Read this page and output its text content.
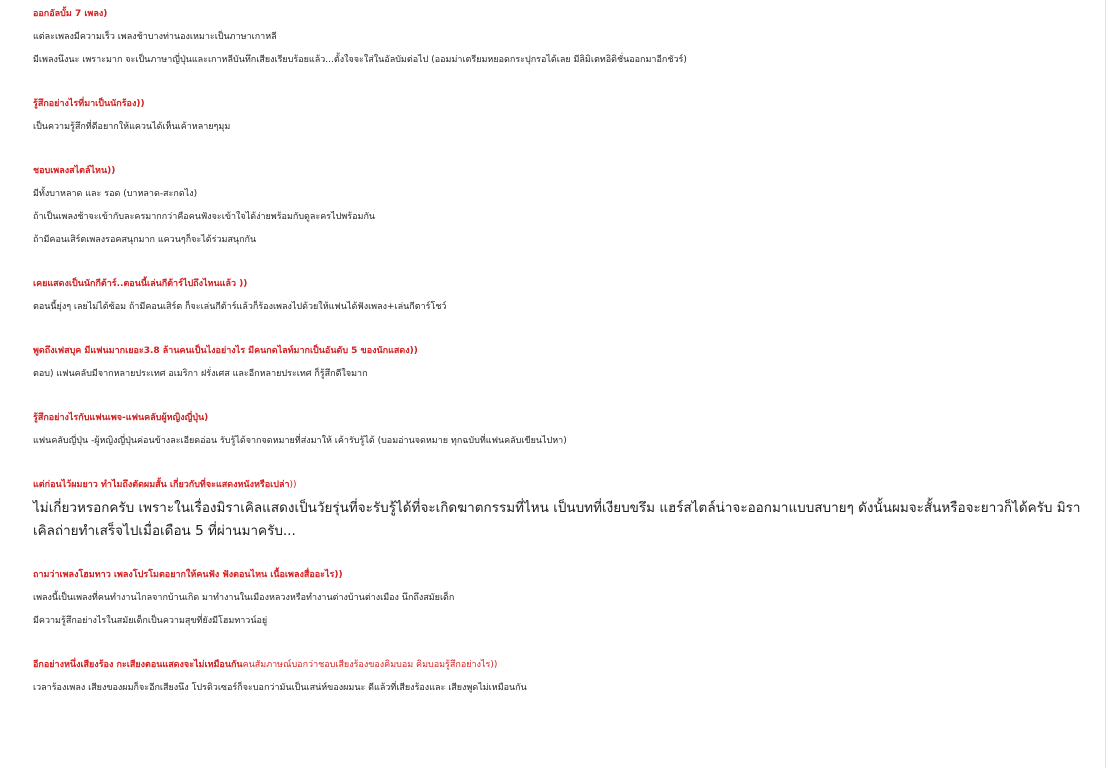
ออกอัลบั้ม 7 เพลง)
แต่ละเพลงมีความเร็ว เพลงช้าบางท่านองเหมาะเป็นภาษาเกาหลี
มีเพลงนึงนะ เพราะมาก จะเป็นภาษาญี่ปุ่นและเกาหลีบันทึกเสียงเรียบร้อยแล้ว...ตั้งใจจะใส่ในอัลบัมต่อไป (ออมม่าเตรียมหยอดกระปุกรอได้เลย มีลิมิเตทอิดิชั่นออกมาอีกชัวร์)
รู้สึกอย่างไรที่มาเป็นนักร้อง))
เป็นความรู้สึกที่ดีอยากให้แควนได้เห็นเค้าหลายๆมุม
ชอบเพลงสไตล์ไหน))
มีทั้งบาหลาด และ รอด (บาหลาด-สะกดไง)
ถ้าเป็นเพลงช้าจะเข้ากับละครมากกว่าคือคนฟังจะเข้าใจได้ง่ายพร้อมกับดูละครไปพร้อมกัน
ถ้ามีคอนเสิร์ตเพลงรอคสนุกมาก แควนๆก็จะได้ร่วมสนุกกัน
เคยแสดงเป็นนักกีต้าร์..ตอนนี้เล่นกีต้าร์ไปถึงไหนแล้ว ))
ตอนนี้ยุ่งๆ เลยไม่ได้ซ้อม ถ้ามีคอนเสิร์ต ก็จะเล่นกีต้าร์แล้วก็ร้องเพลงไปด้วยให้แฟนได้ฟังเพลง+เล่นกีตาร์โชว์
พูดถึงเฟสบุค มีแฟนมากเยอะ3.8 ล้านคนเป็นไงอย่างไร มีคนกดไลท์มากเป็นอันดับ 5 ของนักแสดง))
ตอบ) แฟนคลับมีจากหลายประเทศ อเมริกา ฝรั่งเศส และอีกหลายประเทศ ก็รู้สึกดีใจมาก
รู้สึกอย่างไรกับแฟนเพจ-แฟนคลับผู้หญิงญี่ปุ่น)
แฟนคลับญี่ปุ่น -ผู้หญิงญี่ปุ่นค่อนข้างละเอียดอ่อน รับรู้ได้จากจดหมายที่ส่งมาให้ เค้ารับรู้ได้ (บอมอ่านจดหมาย ทุกฉบับที่แฟนคลับเขียนไปหา)
แต่ก่อนไว้ผมยาว ทำไมถึงตัดผมสั้น เกี่ยวกับที่จะแสดงหนังหรือเปล่า))
ไม่เกี่ยวหรอกครับ เพราะในเรื่องมิราเคิลแสดงเป็นวัยรุ่นที่จะรับรู้ได้ที่จะเกิดฆาตกรรมที่ไหน เป็นบทที่เงียบขรึม แฮร์สไตล์น่าจะออกมาแบบสบายๆ ดังนั้นผมจะสั้นหรือจะยาวก็ได้ครับ มิราเคิลถ่ายทำเสร็จไปเมื่อเดือน 5 ที่ผ่านมาครับ...
ถามว่าเพลงโฮมทาว เพลงโปรโมตอยากให้คนฟัง ฟังตอนไหน เนื้อเพลงสื่ออะไร))
เพลงนี้เป็นเพลงที่คนทำงานไกลจากบ้านเกิด มาทำงานในเมืองหลวงหรือทำงานต่างบ้านต่างเมือง นึกถึงสมัยเด็ก
มีความรู้สึกอย่างไรในสมัยเด็กเป็นความสุขที่ยังมีโฮมทาวน์อยู่
อีกอย่างหนึ่งเสียงร้อง กะเสียงตอนแสดงจะไม่เหมือนกันคนสัมภาษณ์บอกว่าชอบเสียงร้องของคิมบอม คิมบอมรู้สึกอย่างไร))
เวลาร้องเพลง เสียงของผมก็จะอีกเสียงนึง โปรดิวเซอร์ก็จะบอกว่ามันเป็นเสน่ห์ของผมนะ ดีแล้วที่เสียงร้องและ เสียงพูดไม่เหมือนกัน
